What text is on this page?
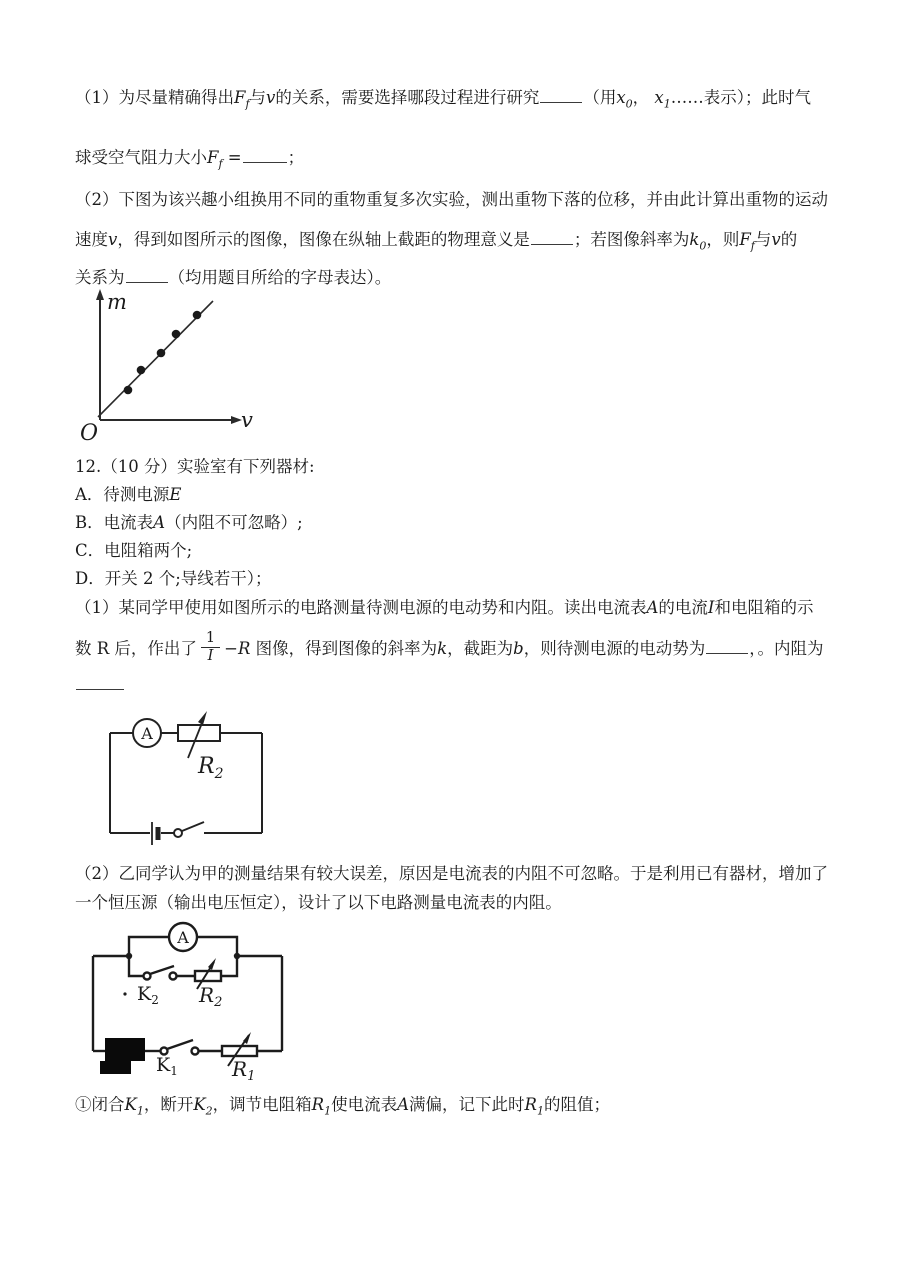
（1）为尽量精确得出$F_f$与v的关系，需要选择哪段过程进行研究	（用$x_0$， $x_1\dots\dots$表示）；此时气
球受空气阻力大小$F_f$ =	；
（2）下图为该兴趣小组换用不同的重物重复多次实验，测出重物下落的位移，并由此计算出重物的运动
速度v，得到如图所示的图像，图像在纵轴上截距的物理意义是	；若图像斜率为$k_0$，则$F_f$与v的
关系为	（均用题目所给的字母表达）。
m
v
O
12.（10 分）实验室有下列器材:
A．待测电源E
B．电流表A（内阻不可忽略）;
C．电阻箱两个;
D．开关 2 个;导线若干）；
（1）某同学甲使用如图所示的电路测量待测电源的电动势和内阻。读出电流表A的电流I和电阻箱的示
数 R 后，作出了 $\frac{1}{I} -R$ 图像，得到图像的斜率为k，截距为b，则待测电源的电动势为	，。内阻为
A
$R_2$
（2）乙同学认为甲的测量结果有较大误差，原因是电流表的内阻不可忽略。于是利用已有器材，增加了
一个恒压源（输出电压恒定），设计了以下电路测量电流表的内阻。
A
$K_2$ $R_2$
$K_1$	$R_1$
①闭合$K_1$，断开$K_2$，调节电阻箱$R_1$使电流表A满偏，记下此时$R_1$的阻值；
